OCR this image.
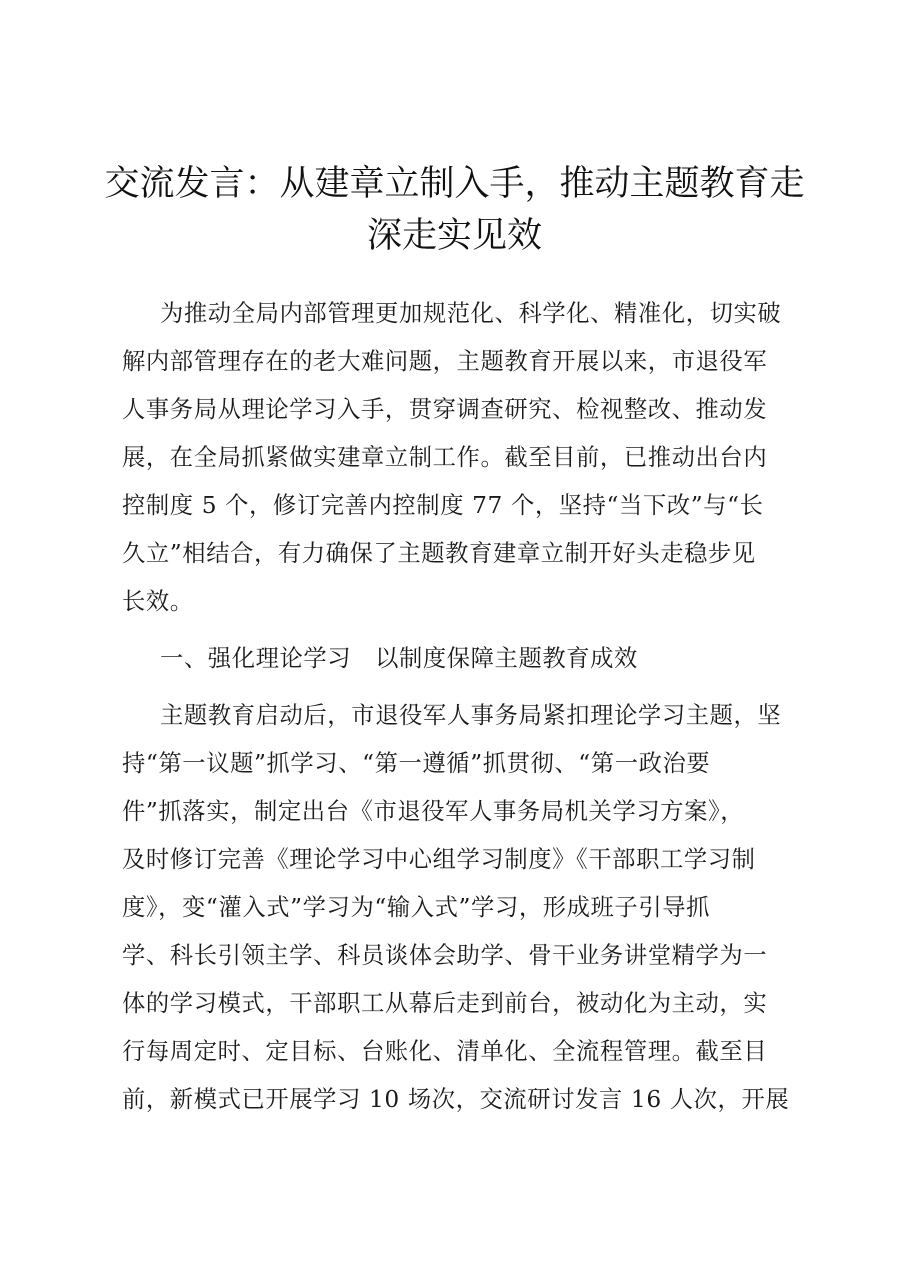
交流发言：从建章立制入手，推动主题教育走
深走实见效
为推动全局内部管理更加规范化、科学化、精准化，切实破
解内部管理存在的老大难问题，主题教育开展以来，市退役军
人事务局从理论学习入手，贯穿调查研究、检视整改、推动发
展，在全局抓紧做实建章立制工作。截至目前，已推动出台内
控制度 5 个，修订完善内控制度 77 个，坚持“当下改”与“长
久立”相结合，有力确保了主题教育建章立制开好头走稳步见
长效。
一、强化理论学习　以制度保障主题教育成效
主题教育启动后，市退役军人事务局紧扣理论学习主题，坚
持“第一议题”抓学习、“第一遵循”抓贯彻、“第一政治要
件”抓落实，制定出台《市退役军人事务局机关学习方案》，
及时修订完善《理论学习中心组学习制度》《干部职工学习制
度》，变“灌入式”学习为“输入式”学习，形成班子引导抓
学、科长引领主学、科员谈体会助学、骨干业务讲堂精学为一
体的学习模式，干部职工从幕后走到前台，被动化为主动，实
行每周定时、定目标、台账化、清单化、全流程管理。截至目
前，新模式已开展学习 10 场次，交流研讨发言 16 人次，开展
